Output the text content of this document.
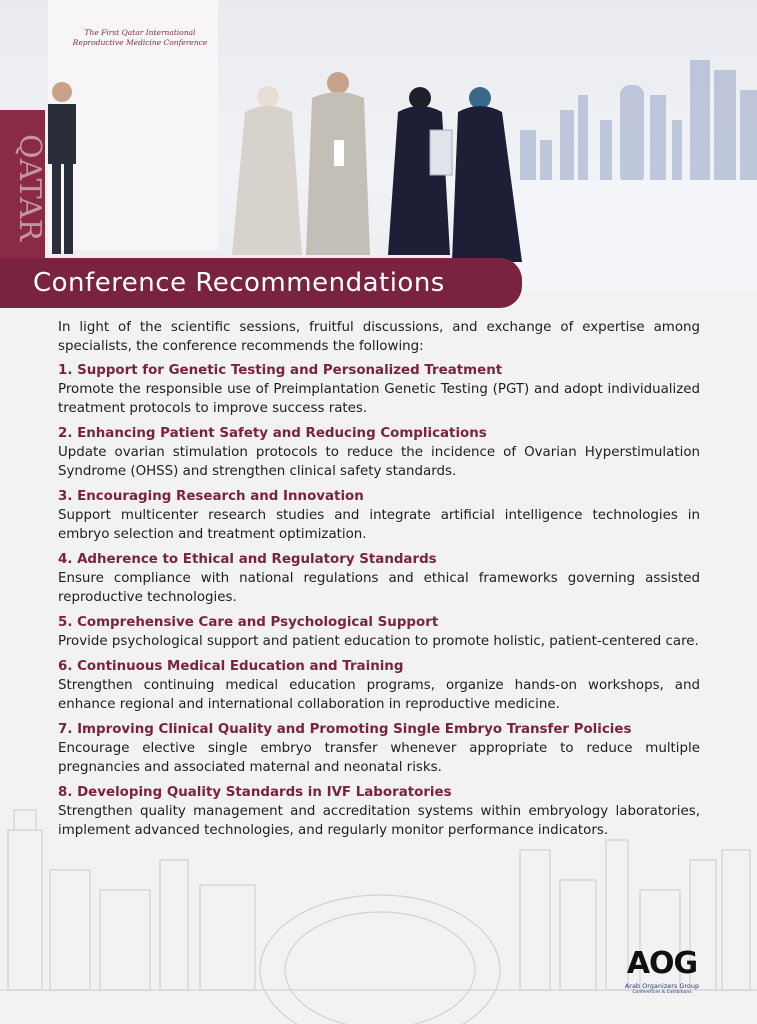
QATAR
The First Qatar International Reproductive Medicine Conference
Conference Recommendations

In light of the scientific sessions, fruitful discussions, and exchange of expertise among specialists, the conference recommends the following:

1. Support for Genetic Testing and Personalized Treatment

Promote the responsible use of Preimplantation Genetic Testing (PGT) and adopt individualized treatment protocols to improve success rates.

2. Enhancing Patient Safety and Reducing Complications

Update ovarian stimulation protocols to reduce the incidence of Ovarian Hyperstimulation Syndrome (OHSS) and strengthen clinical safety standards.

3. Encouraging Research and Innovation

Support multicenter research studies and integrate artificial intelligence technologies in embryo selection and treatment optimization.

4. Adherence to Ethical and Regulatory Standards

Ensure compliance with national regulations and ethical frameworks governing assisted reproductive technologies.

5. Comprehensive Care and Psychological Support

Provide psychological support and patient education to promote holistic, patient-centered care.

6. Continuous Medical Education and Training

Strengthen continuing medical education programs, organize hands-on workshops, and enhance regional and international collaboration in reproductive medicine.

7. Improving Clinical Quality and Promoting Single Embryo Transfer Policies

Encourage elective single embryo transfer whenever appropriate to reduce multiple pregnancies and associated maternal and neonatal risks.

8. Developing Quality Standards in IVF Laboratories

Strengthen quality management and accreditation systems within embryology laboratories, implement advanced technologies, and regularly monitor performance indicators.

AOG
Arab Organizers Group
Conferences & Exhibitions
